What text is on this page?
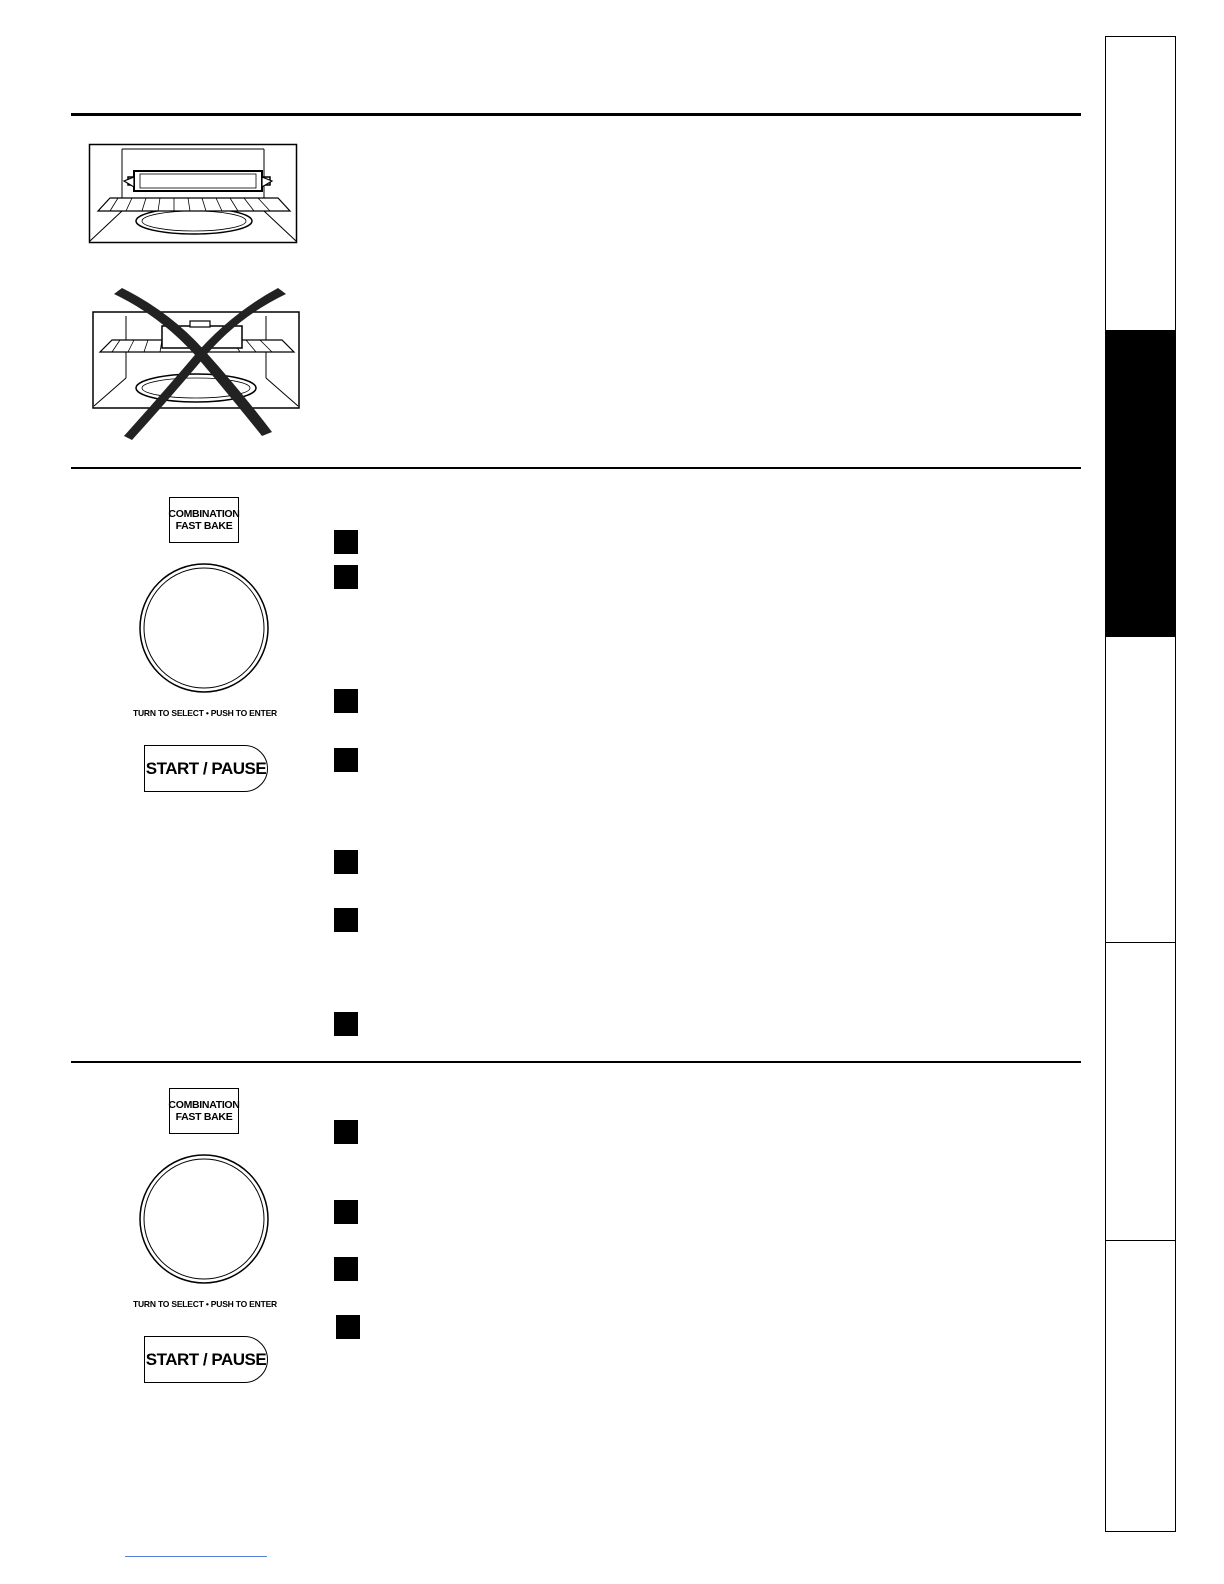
COMBINATION
FAST BAKE
TURN TO SELECT • PUSH TO ENTER
START / PAUSE
COMBINATION
FAST BAKE
TURN TO SELECT • PUSH TO ENTER
START / PAUSE
